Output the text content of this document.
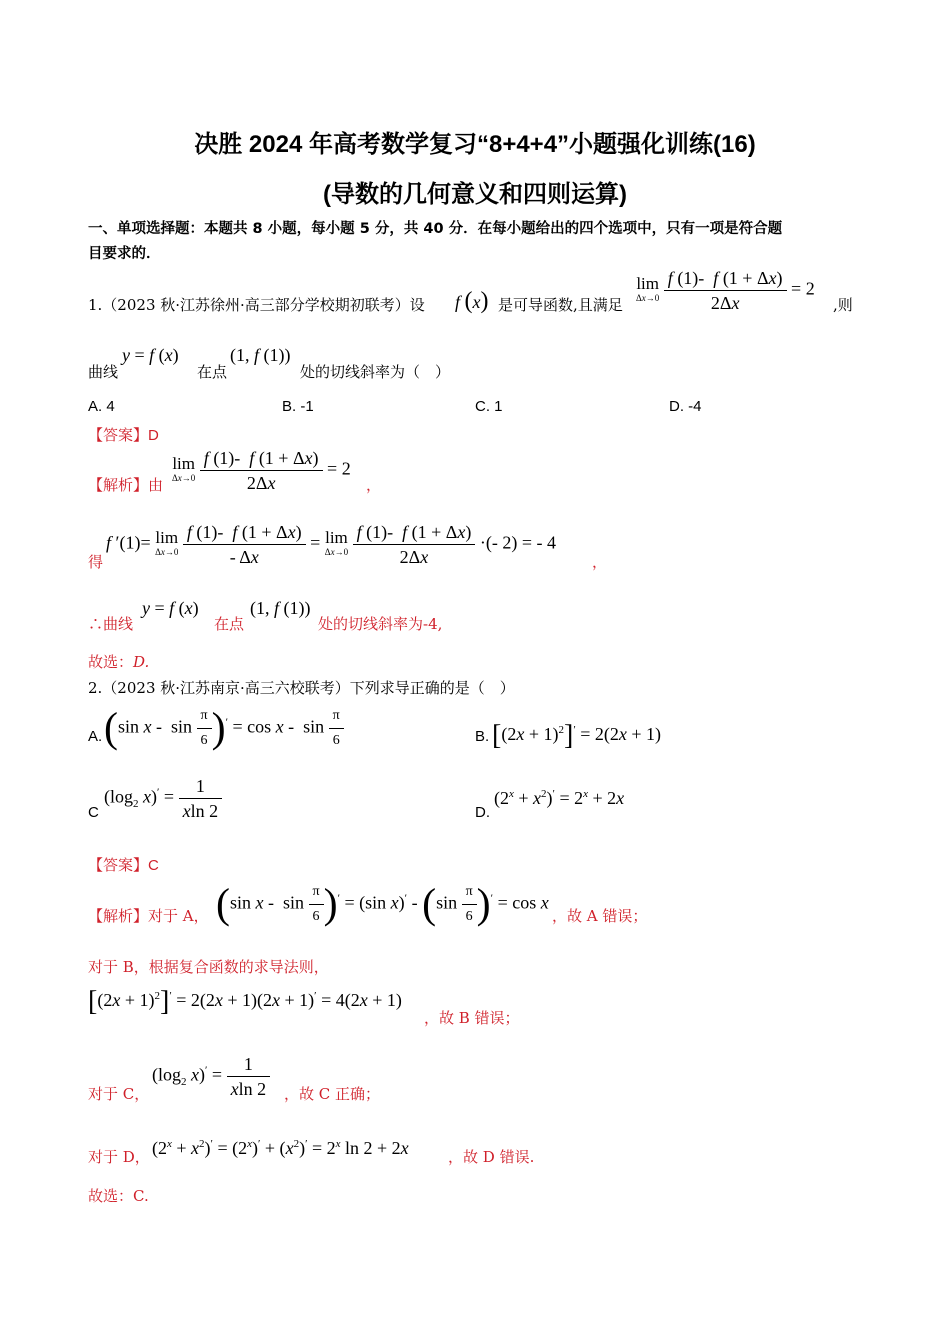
决胜 2024 年高考数学复习“8+4+4”小题强化训练(16)
(导数的几何意义和四则运算)
一、单项选择题：本题共 8 小题，每小题 5 分，共 40 分．在每小题给出的四个选项中，只有一项是符合题
目要求的．
1.（2023 秋·江苏徐州·高三部分学校期初联考）设 f (x) 是可导函数,且满足
lim
Δx→0
$\frac{f (1)- f (1 + \Delta x)}{2\Delta x} = 2$
,则
曲线
y = f (x)
在点
(1, f (1))
处的切线斜率为（　）
A. 4	B. -1	C. 1	D. -4
【答案】D
【解析】由
lim
Δx→0
$\frac{f (1)- f (1 + \Delta x)}{2\Delta x} = 2$
，
得
f ′(1)= lim
Δx→0
$\frac{f (1)- f (1 + \Delta x)}{- \Delta x} = \lim$
Δx→0
$\frac{f (1)- f (1 + \Delta x)}{2\Delta x}$ ·(- 2) = - 4
，
∴曲线
y = f (x)
在点
(1, f (1))
处的切线斜率为-4,
故选：D.
2.（2023 秋·江苏南京·高三六校联考）下列求导正确的是（　）
A. (sin $x - \sin \frac{\pi}{6} )' = \cos x - \sin \frac{\pi}{6}$	B. $[(2x + 1)^2]' = 2(2x + 1)$
C
($\log_2$ $x)' = \frac{1}{xln 2}$	D.
$(2^x + x^2)' = 2^x + 2x$
【答案】C
【解析】对于 A， (sin $x - \sin \frac{\pi}{6} )' = (\sin$ $x)' - (\sin \frac{\pi}{6} )' = \cos x$
，故 A 错误；
对于 B，根据复合函数的求导法则，
$[(2x + 1)^2]' = 2(2x + 1)(2x + 1)' = 4(2x + 1)$
，故 B 错误；
对于 C，
($\log_2$ $x)' = \frac{1}{xln 2}$ ，故 C 正确；
对于 D， $(2^x + x^2)' = (2^x)' + (x^2)' = 2^x$ ln 2 + 2x	，故 D 错误.
故选：C.
